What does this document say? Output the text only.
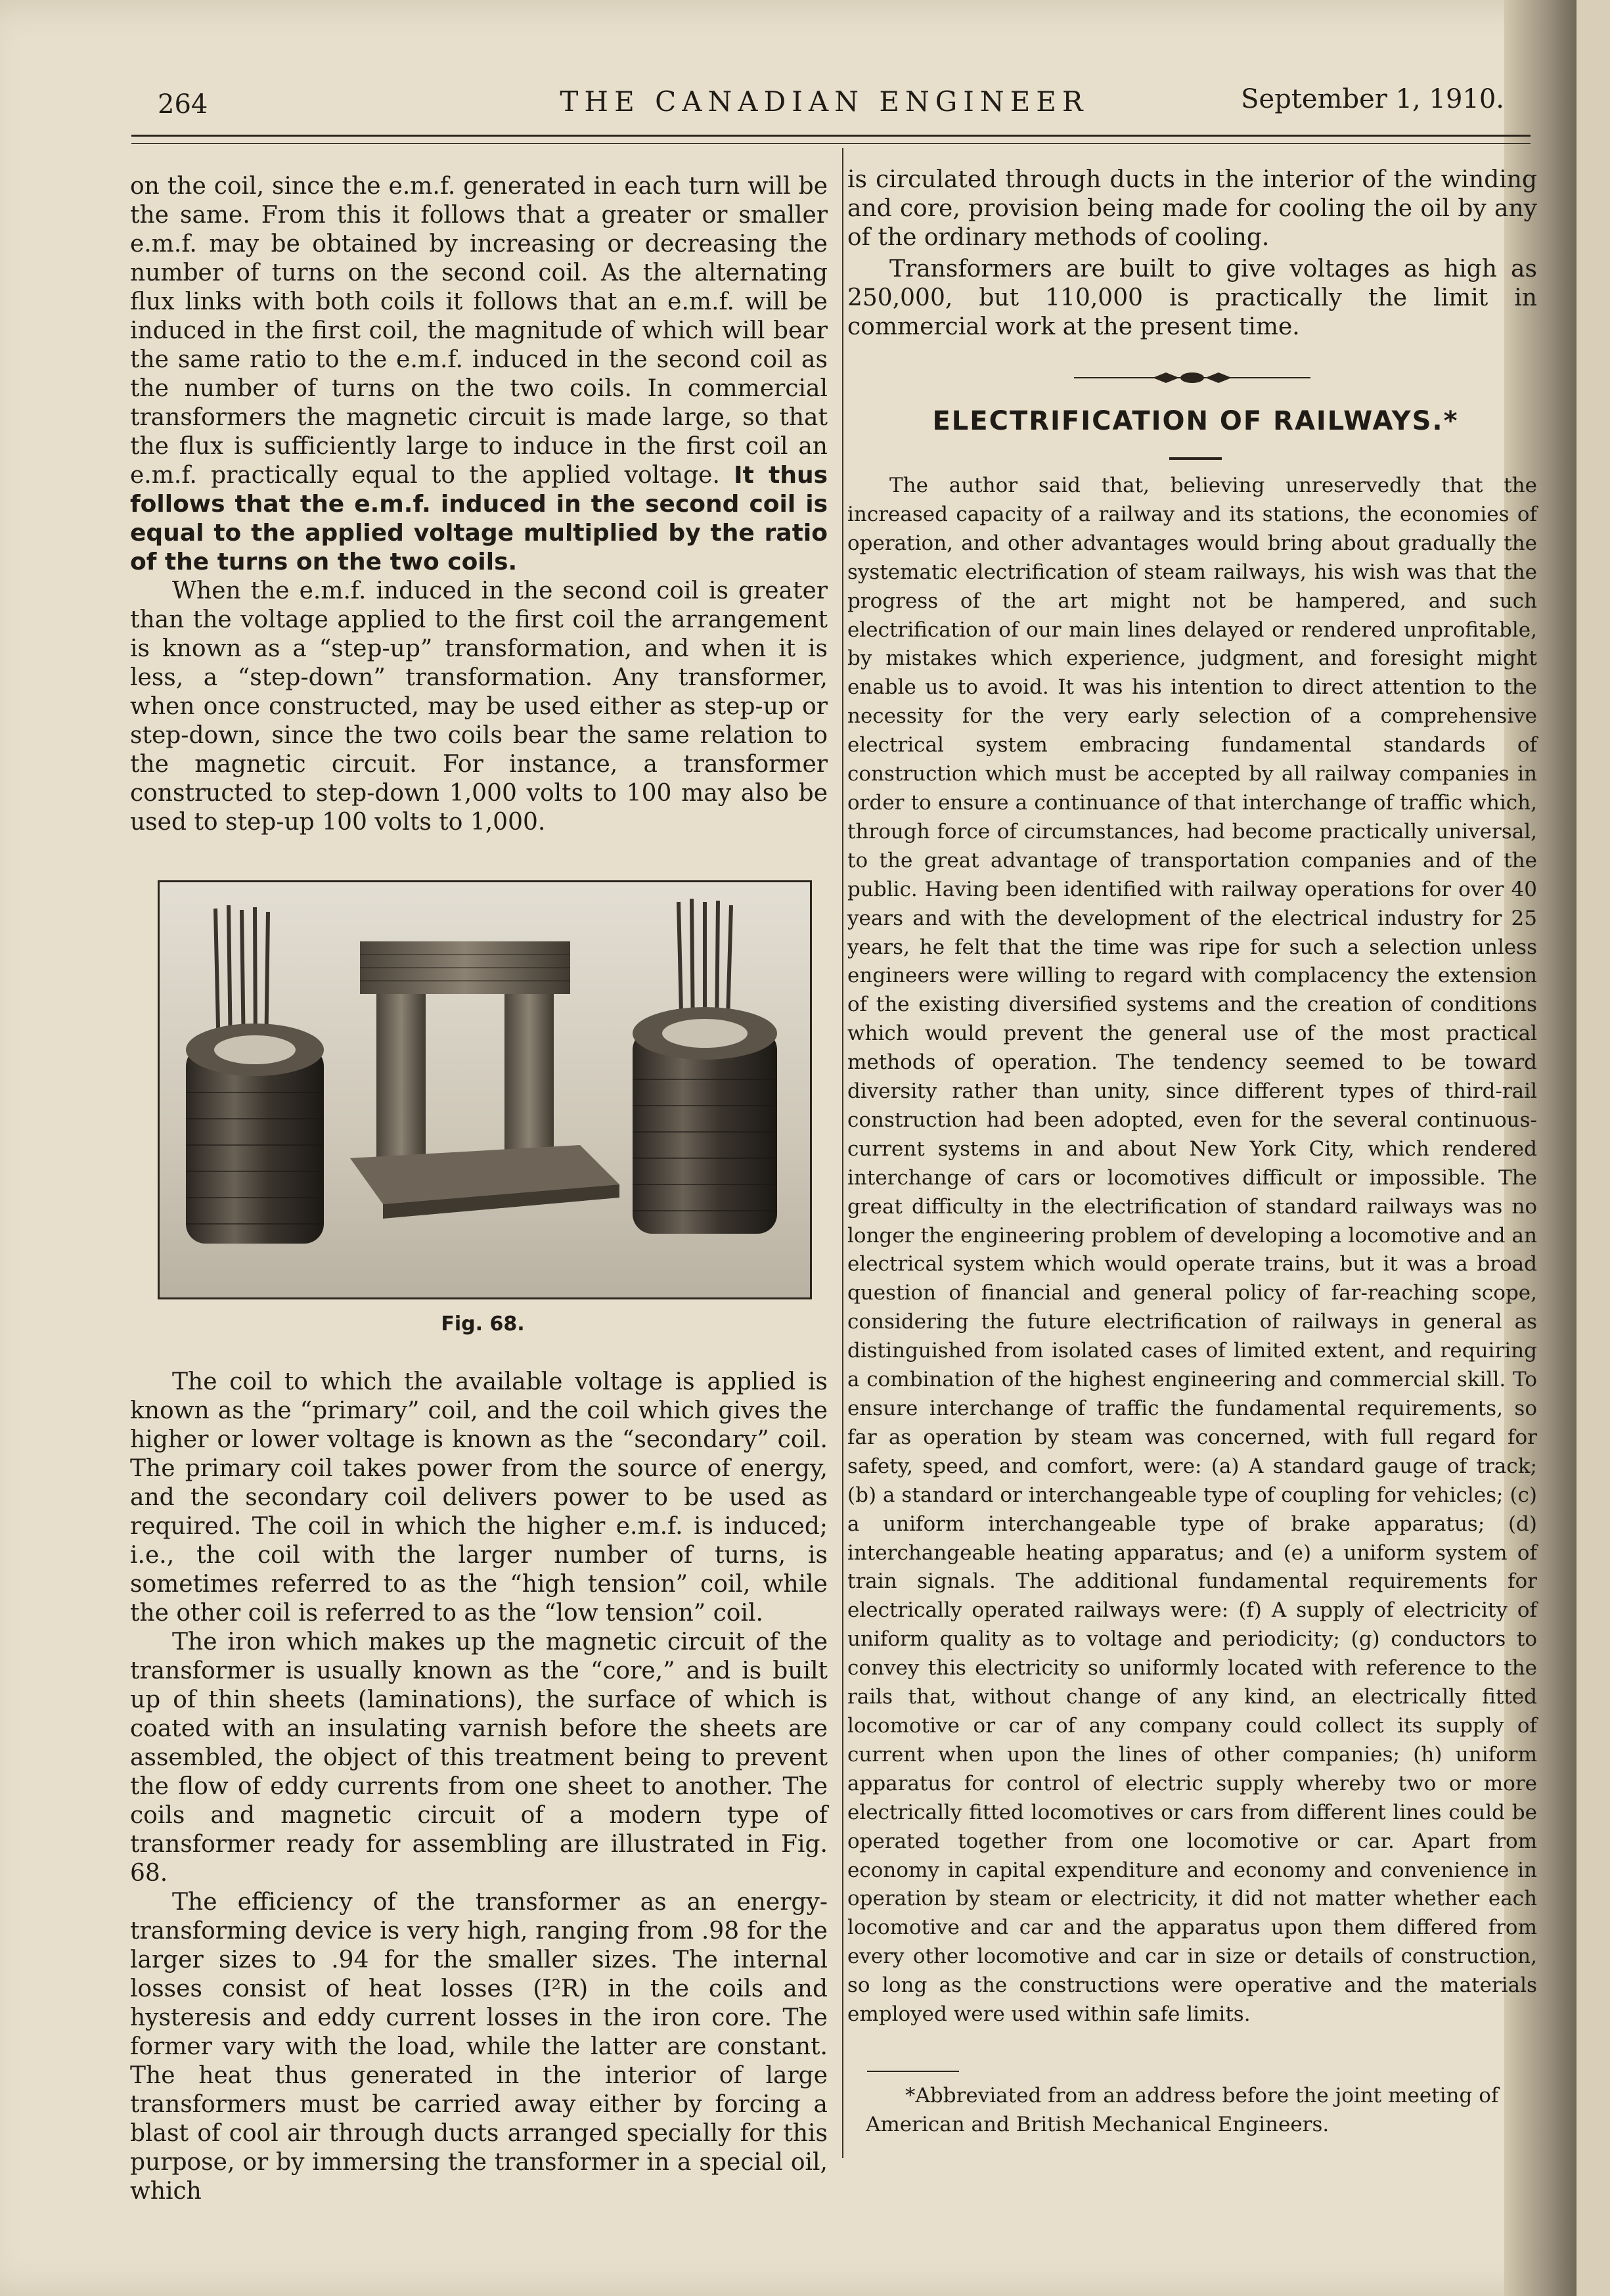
264	THE CANADIAN ENGINEER	September 1, 1910.

on the coil, since the e.m.f. generated in each turn will be the same. From this it follows that a greater or smaller e.m.f. may be obtained by increasing or decreasing the number of turns on the second coil. As the alternating flux links with both coils it follows that an e.m.f. will be induced in the first coil, the magnitude of which will bear the same ratio to the e.m.f. induced in the second coil as the number of turns on the two coils. In commercial transformers the magnetic circuit is made large, so that the flux is sufficiently large to induce in the first coil an e.m.f. practically equal to the applied voltage. It thus follows that the e.m.f. induced in the second coil is equal to the applied voltage multiplied by the ratio of the turns on the two coils.

When the e.m.f. induced in the second coil is greater than the voltage applied to the first coil the arrangement is known as a “step-up” transformation, and when it is less, a “step-down” transformation. Any transformer, when once constructed, may be used either as step-up or step-down, since the two coils bear the same relation to the magnetic circuit. For instance, a transformer constructed to step-down 1,000 volts to 100 may also be used to step-up 100 volts to 1,000.

Fig. 68.

The coil to which the available voltage is applied is known as the “primary” coil, and the coil which gives the higher or lower voltage is known as the “secondary” coil. The primary coil takes power from the source of energy, and the secondary coil delivers power to be used as required. The coil in which the higher e.m.f. is induced; i.e., the coil with the larger number of turns, is sometimes referred to as the “high tension” coil, while the other coil is referred to as the “low tension” coil.

The iron which makes up the magnetic circuit of the transformer is usually known as the “core,” and is built up of thin sheets (laminations), the surface of which is coated with an insulating varnish before the sheets are assembled, the object of this treatment being to prevent the flow of eddy currents from one sheet to another. The coils and magnetic circuit of a modern type of transformer ready for assembling are illustrated in Fig. 68.

The efficiency of the transformer as an energy-transforming device is very high, ranging from .98 for the larger sizes to .94 for the smaller sizes. The internal losses consist of heat losses (I²R) in the coils and hysteresis and eddy current losses in the iron core. The former vary with the load, while the latter are constant. The heat thus generated in the interior of large transformers must be carried away either by forcing a blast of cool air through ducts arranged specially for this purpose, or by immersing the transformer in a special oil, which

is circulated through ducts in the interior of the winding and core, provision being made for cooling the oil by any of the ordinary methods of cooling.

Transformers are built to give voltages as high as 250,000, but 110,000 is practically the limit in commercial work at the present time.

ELECTRIFICATION OF RAILWAYS.*

The author said that, believing unreservedly that the increased capacity of a railway and its stations, the economies of operation, and other advantages would bring about gradually the systematic electrification of steam railways, his wish was that the progress of the art might not be hampered, and such electrification of our main lines delayed or rendered unprofitable, by mistakes which experience, judgment, and foresight might enable us to avoid. It was his intention to direct attention to the necessity for the very early selection of a comprehensive electrical system embracing fundamental standards of construction which must be accepted by all railway companies in order to ensure a continuance of that interchange of traffic which, through force of circumstances, had become practically universal, to the great advantage of transportation companies and of the public. Having been identified with railway operations for over 40 years and with the development of the electrical industry for 25 years, he felt that the time was ripe for such a selection unless engineers were willing to regard with complacency the extension of the existing diversified systems and the creation of conditions which would prevent the general use of the most practical methods of operation. The tendency seemed to be toward diversity rather than unity, since different types of third-rail construction had been adopted, even for the several continuous-current systems in and about New York City, which rendered interchange of cars or locomotives difficult or impossible. The great difficulty in the electrification of standard railways was no longer the engineering problem of developing a locomotive and an electrical system which would operate trains, but it was a broad question of financial and general policy of far-reaching scope, considering the future electrification of railways in general as distinguished from isolated cases of limited extent, and requiring a combination of the highest engineering and commercial skill. To ensure interchange of traffic the fundamental requirements, so far as operation by steam was concerned, with full regard for safety, speed, and comfort, were: (a) A standard gauge of track; (b) a standard or interchangeable type of coupling for vehicles; (c) a uniform interchangeable type of brake apparatus; (d) interchangeable heating apparatus; and (e) a uniform system of train signals. The additional fundamental requirements for electrically operated railways were: (f) A supply of electricity of uniform quality as to voltage and periodicity; (g) conductors to convey this electricity so uniformly located with reference to the rails that, without change of any kind, an electrically fitted locomotive or car of any company could collect its supply of current when upon the lines of other companies; (h) uniform apparatus for control of electric supply whereby two or more electrically fitted locomotives or cars from different lines could be operated together from one locomotive or car. Apart from economy in capital expenditure and economy and convenience in operation by steam or electricity, it did not matter whether each locomotive and car and the apparatus upon them differed from every other locomotive and car in size or details of construction, so long as the constructions were operative and the materials employed were used within safe limits.

*Abbreviated from an address before the joint meeting of American and British Mechanical Engineers.
